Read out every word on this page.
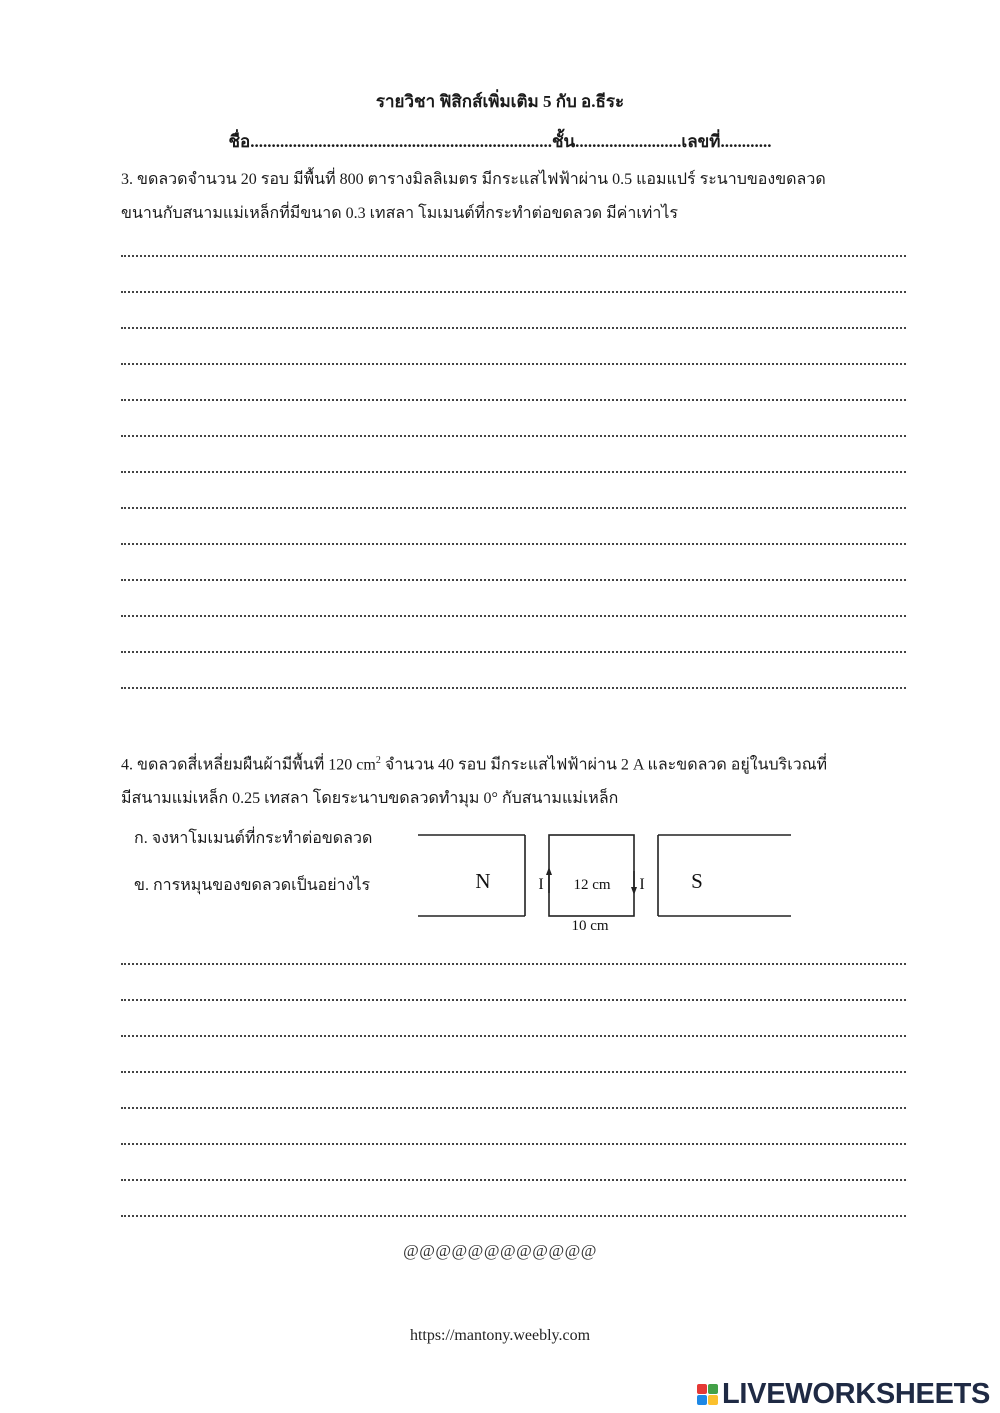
รายวิชา ฟิสิกส์เพิ่มเติม 5 กับ อ.ธีระ
ชื่อ.......................................................................ชั้น.........................เลขที่............
3. ขดลวดจำนวน 20 รอบ มีพื้นที่ 800 ตารางมิลลิเมตร มีกระแสไฟฟ้าผ่าน 0.5 แอมแปร์ ระนาบของขดลวด
ขนานกับสนามแม่เหล็กที่มีขนาด 0.3 เทสลา โมเมนต์ที่กระทำต่อขดลวด มีค่าเท่าไร
4. ขดลวดสี่เหลี่ยมผืนผ้ามีพื้นที่ 120 $cm^2$ จำนวน 40 รอบ มีกระแสไฟฟ้าผ่าน 2 A และขดลวด อยู่ในบริเวณที่
มีสนามแม่เหล็ก 0.25 เทสลา โดยระนาบขดลวดทำมุม 0° กับสนามแม่เหล็ก
ก. จงหาโมเมนต์ที่กระทำต่อขดลวด
ข. การหมุนของขดลวดเป็นอย่างไร	N	S
I	I
12 cm
10 cm
@@@@@@@@@@@@
https://mantony.weebly.com
LIVEWORKSHEETS
